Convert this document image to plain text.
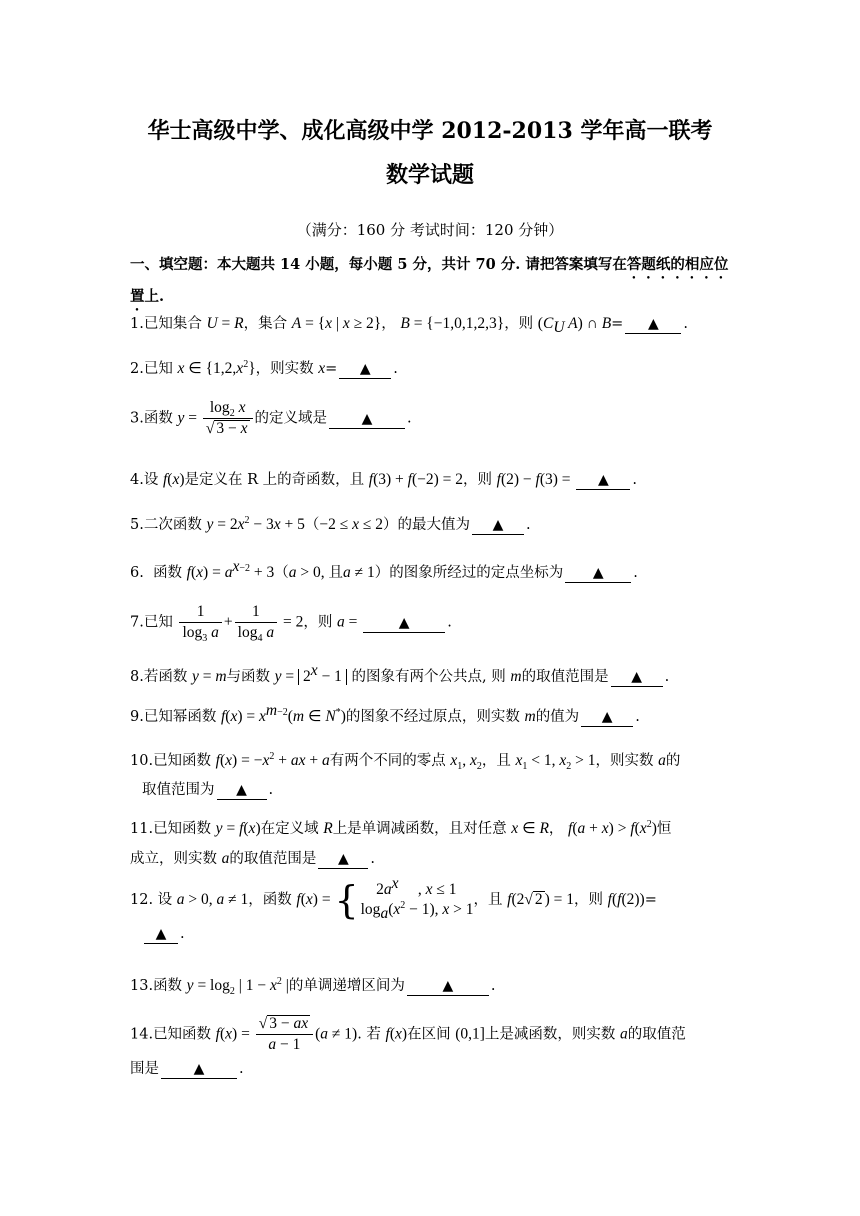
华士高级中学、成化高级中学 2012-2013 学年高一联考
数学试题
（满分：160 分 考试时间：120 分钟）
一、填空题：本大题共 14 小题，每小题 5 分，共计 70 分. 请把答案填写在答题纸的相应位置上.
1.已知集合 U = R，集合 A = {x | x ≥ 2}， B = {−1,0,1,2,3}，则 ($C_U$ A) ∩ B= ▲ .
2.已知 x ∈ $\{1,2,x^2\}$，则实数 x= ▲ .
3.函数 $y = \frac{\log_2 x}{√ 3 - x}$ 的定义域是 ▲ .
4.设 f(x)是定义在 R 上的奇函数，且 f(3) + f(−2) = 2，则 f(2) − f(3) = ▲ .
5.二次函数 $y = 2x^2 - 3x + 5(-2 \le x \le 2)$的最大值为 ▲ .
6. 函数 $f(x) = a^{x-2} + 3(a > 0$, 且a ≠ 1）的图象所经过的定点坐标为 ▲ .
7.已知 $\frac{1}{\log_3 a} + \frac{1}{\log_4 a} = 2$，则 a =	▲	.
8.若函数 y = m与函数 $y = 2^x - 1$ 的图象有两个公共点, 则 m的取值范围是 ▲ .
9.已知幂函数 $f(x) = x^{m-2}(m$ ∈ N*)的图象不经过原点，则实数 m的值为 ▲ .
10.已知函数 $f(x) = -x^2$ + ax + a有两个不同的零点 $x_1$, $x_2$，且 $x_1 < 1$, $x_2 > 1$，则实数 a的
取值范围为 ▲ .
11.已知函数 y = f(x)在定义域 R上是单调减函数，且对任意 x ∈ R， $f(a + x) > f(x^2)$恒
成立，则实数 a的取值范围是 ▲ .
12. 设 a > 0, a ≠ 1，函数 f(x) = { $2a^x$     , x ≤ 1
$\log_a(x^2 - 1)$, x > 1
，且 f(2√ 2 ) = 1，则 f(f(2))=
▲ .
13.函数 $y = \log_2$ | $1 - x^2$ |的单调递增区间为	▲	.
14.已知函数 $f(x) = \frac{√ 3 - ax}{a - 1} (a \ne 1)$. 若 f(x)在区间 (0,1]上是减函数，则实数 a的取值范
围是 ▲ .
